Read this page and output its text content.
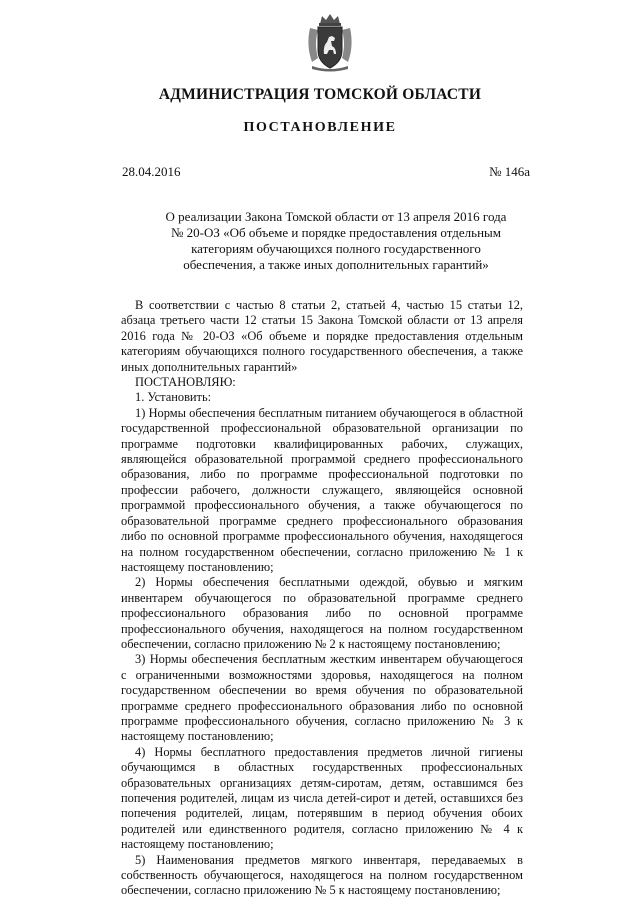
АДМИНИСТРАЦИЯ ТОМСКОЙ ОБЛАСТИ
ПОСТАНОВЛЕНИЕ
28.04.2016	№ 146а
О реализации Закона Томской области от 13 апреля 2016 года
№ 20-ОЗ «Об объеме и порядке предоставления отдельным
категориям обучающихся полного государственного
обеспечения, а также иных дополнительных гарантий»

В соответствии с частью 8 статьи 2, статьей 4, частью 15 статьи 12, абзаца третьего части 12 статьи 15 Закона Томской области от 13 апреля 2016 года № 20-ОЗ «Об объеме и порядке предоставления отдельным категориям обучающихся полного государственного обеспечения, а также иных дополнительных гарантий»

ПОСТАНОВЛЯЮ:

1. Установить:

1) Нормы обеспечения бесплатным питанием обучающегося в областной государственной профессиональной образовательной организации по программе подготовки квалифицированных рабочих, служащих, являющейся образовательной программой среднего профессионального образования, либо по программе профессиональной подготовки по профессии рабочего, должности служащего, являющейся основной программой профессионального обучения, а также обучающегося по образовательной программе среднего профессионального образования либо по основной программе профессионального обучения, находящегося на полном государственном обеспечении, согласно приложению № 1 к настоящему постановлению;

2) Нормы обеспечения бесплатными одеждой, обувью и мягким инвентарем обучающегося по образовательной программе среднего профессионального образования либо по основной программе профессионального обучения, находящегося на полном государственном обеспечении, согласно приложению № 2 к настоящему постановлению;

3) Нормы обеспечения бесплатным жестким инвентарем обучающегося с ограниченными возможностями здоровья, находящегося на полном государственном обеспечении во время обучения по образовательной программе среднего профессионального образования либо по основной программе профессионального обучения, согласно приложению № 3 к настоящему постановлению;

4) Нормы бесплатного предоставления предметов личной гигиены обучающимся в областных государственных профессиональных образовательных организациях детям-сиротам, детям, оставшимся без попечения родителей, лицам из числа детей-сирот и детей, оставшихся без попечения родителей, лицам, потерявшим в период обучения обоих родителей или единственного родителя, согласно приложению № 4 к настоящему постановлению;

5) Наименования предметов мягкого инвентаря, передаваемых в собственность обучающегося, находящегося на полном государственном обеспечении, согласно приложению № 5 к настоящему постановлению;
